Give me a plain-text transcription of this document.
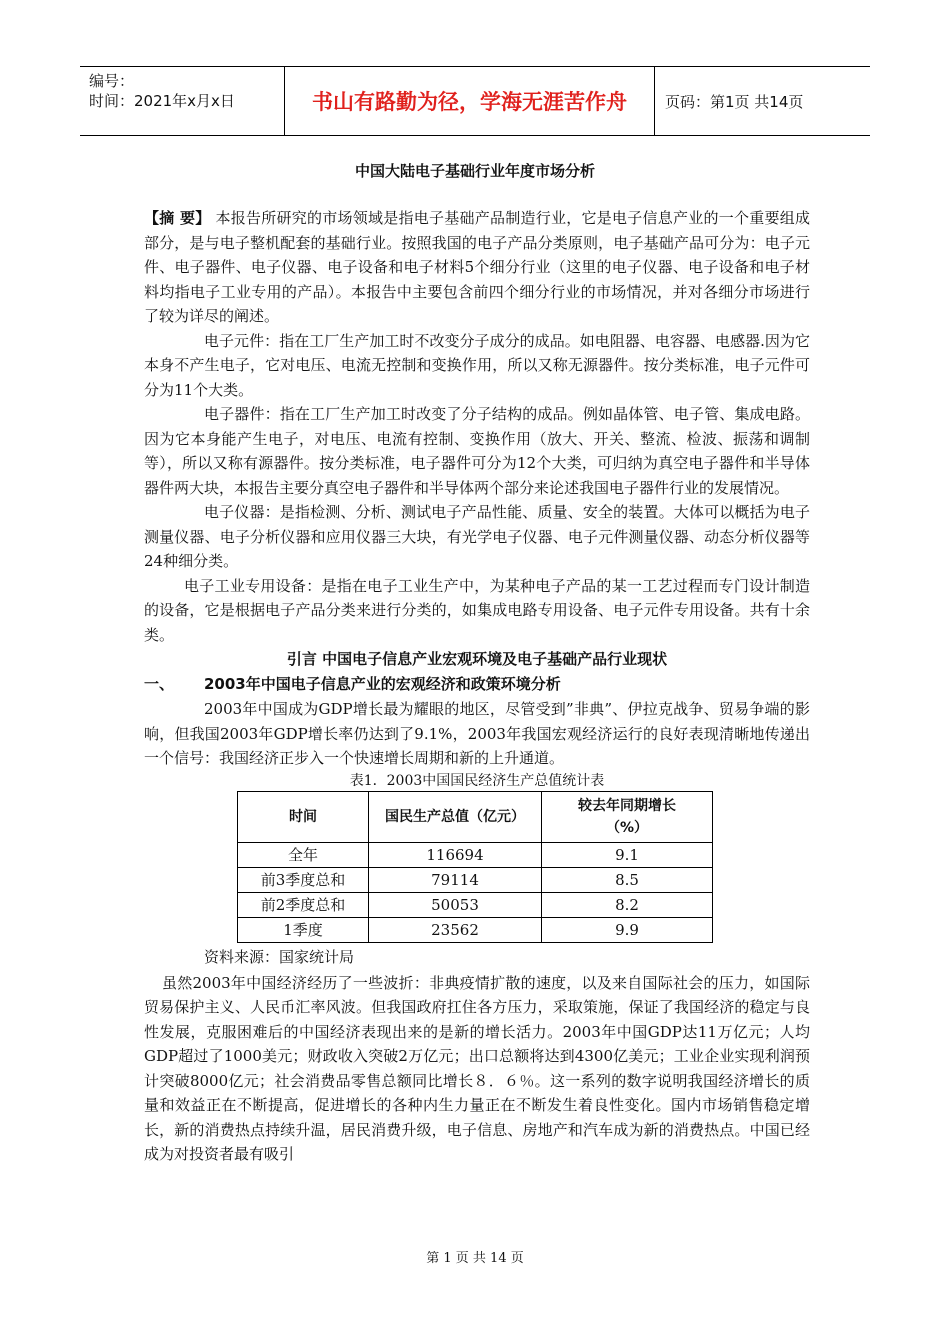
编号：
时间：2021年x月x日	书山有路勤为径，学海无涯苦作舟	页码：第1页 共14页
中国大陆电子基础行业年度市场分析

【摘 要】 本报告所研究的市场领域是指电子基础产品制造行业，它是电子信息产业的一个重要组成部分，是与电子整机配套的基础行业。按照我国的电子产品分类原则，电子基础产品可分为：电子元件、电子器件、电子仪器、电子设备和电子材料5个细分行业（这里的电子仪器、电子设备和电子材料均指电子工业专用的产品）。本报告中主要包含前四个细分行业的市场情况，并对各细分市场进行了较为详尽的阐述。

电子元件：指在工厂生产加工时不改变分子成分的成品。如电阻器、电容器、电感器.因为它本身不产生电子，它对电压、电流无控制和变换作用，所以又称无源器件。按分类标准，电子元件可分为11个大类。

电子器件：指在工厂生产加工时改变了分子结构的成品。例如晶体管、电子管、集成电路。因为它本身能产生电子，对电压、电流有控制、变换作用（放大、开关、整流、检波、振荡和调制等），所以又称有源器件。按分类标准，电子器件可分为12个大类，可归纳为真空电子器件和半导体器件两大块，本报告主要分真空电子器件和半导体两个部分来论述我国电子器件行业的发展情况。

电子仪器：是指检测、分析、测试电子产品性能、质量、安全的装置。大体可以概括为电子测量仪器、电子分析仪器和应用仪器三大块，有光学电子仪器、电子元件测量仪器、动态分析仪器等24种细分类。

电子工业专用设备：是指在电子工业生产中，为某种电子产品的某一工艺过程而专门设计制造的设备，它是根据电子产品分类来进行分类的，如集成电路专用设备、电子元件专用设备。共有十余类。

引言 中国电子信息产业宏观环境及电子基础产品行业现状

一、 2003年中国电子信息产业的宏观经济和政策环境分析

2003年中国成为GDP增长最为耀眼的地区，尽管受到”非典”、伊拉克战争、贸易争端的影响，但我国2003年GDP增长率仍达到了9.1%，2003年我国宏观经济运行的良好表现清晰地传递出一个信号：我国经济正步入一个快速增长周期和新的上升通道。

表1．2003中国国民经济生产总值统计表

时间	国民生产总值（亿元）	较去年同期增长（%）
全年	116694	9.1
前3季度总和	79114	8.5
前2季度总和	50053	8.2
1季度	23562	9.9

资料来源：国家统计局

虽然2003年中国经济经历了一些波折：非典疫情扩散的速度，以及来自国际社会的压力，如国际贸易保护主义、人民币汇率风波。但我国政府扛住各方压力，采取策施，保证了我国经济的稳定与良性发展，克服困难后的中国经济表现出来的是新的增长活力。2003年中国GDP达11万亿元；人均GDP超过了1000美元；财政收入突破2万亿元；出口总额将达到4300亿美元；工业企业实现利润预计突破8000亿元；社会消费品零售总额同比增长８．６％。这一系列的数字说明我国经济增长的质量和效益正在不断提高，促进增长的各种内生力量正在不断发生着良性变化。国内市场销售稳定增长，新的消费热点持续升温，居民消费升级，电子信息、房地产和汽车成为新的消费热点。中国已经成为对投资者最有吸引

第 1 页 共 14 页
